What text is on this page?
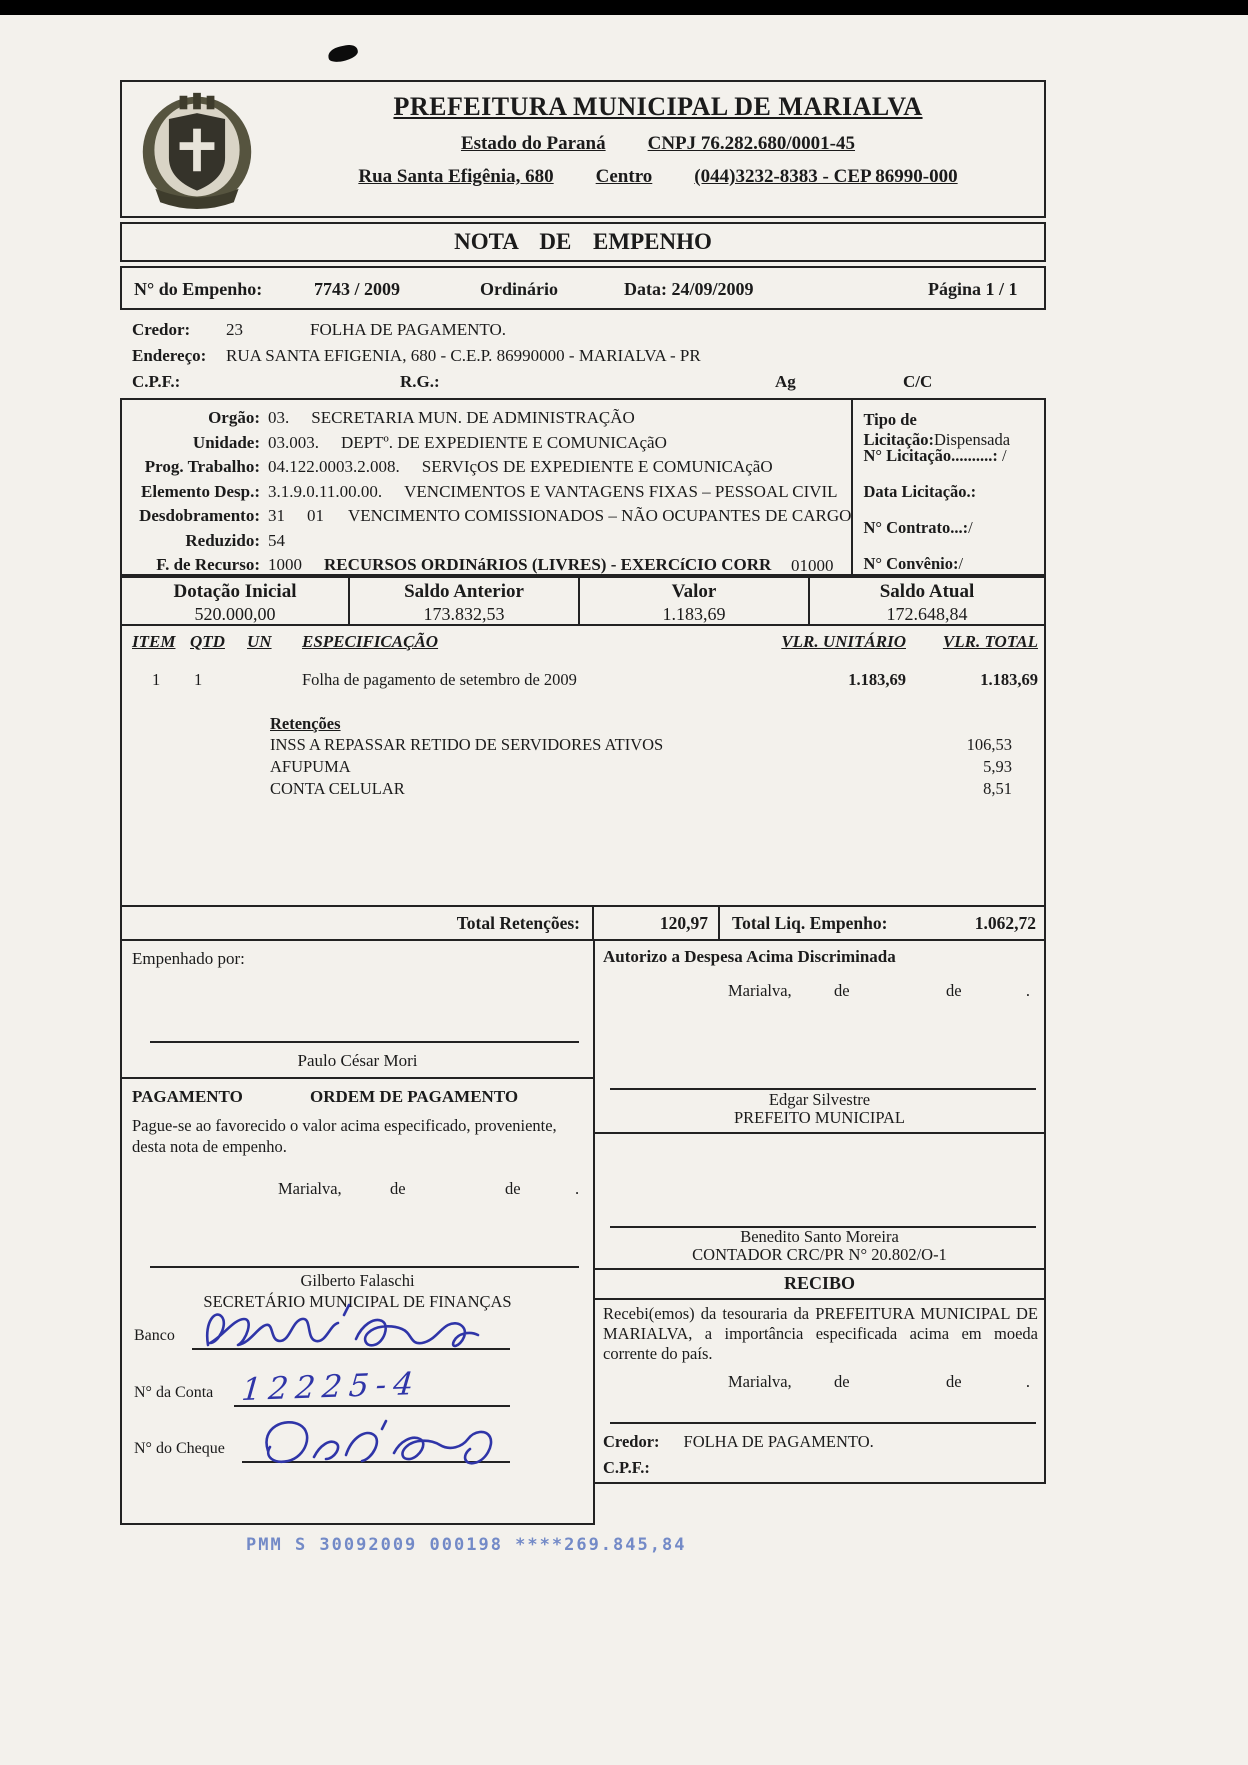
PREFEITURA MUNICIPAL DE MARIALVA
Estado do Paraná CNPJ 76.282.680/0001-45
Rua Santa Efigênia, 680 Centro (044)3232-8383 - CEP 86990-000
NOTA DE EMPENHO
N° do Empenho:	7743 / 2009	Ordinário	Data: 24/09/2009	Página 1 / 1
Credor: 23	FOLHA DE PAGAMENTO.
Endereço: RUA SANTA EFIGENIA, 680 - C.E.P. 86990000 - MARIALVA - PR
C.P.F.:	R.G.:	Ag	C/C
Orgão: 03. SECRETARIA MUN. DE ADMINISTRAÇÃO
Unidade: 03.003. DEPTº. DE EXPEDIENTE E COMUNICAçãO
Prog. Trabalho: 04.122.0003.2.008. SERVIçOS DE EXPEDIENTE E COMUNICAçãO
Elemento Desp.: 3.1.9.0.11.00.00. VENCIMENTOS E VANTAGENS FIXAS – PESSOAL CIVIL
Desdobramento: 31 01 VENCIMENTO COMISSIONADOS – NÃO OCUPANTES DE CARGO
Reduzido: 54
F. de Recurso: 1000 RECURSOS ORDINáRIOS (LIVRES) - EXERCíCIO CORR	01000
Tipo de Licitação:Dispensada
N° Licitação..........: /
Data Licitação.:
N° Contrato...:/
N° Convênio:/
Dotação Inicial
520.000,00
Saldo Anterior
173.832,53
Valor
1.183,69
Saldo Atual
172.648,84
ITEM QTD UN ESPECIFICAÇÃO	VLR. UNITÁRIO VLR. TOTAL
1 1	Folha de pagamento de setembro de 2009	1.183,69	1.183,69
Retenções
INSS A REPASSAR RETIDO DE SERVIDORES ATIVOS	106,53
AFUPUMA	5,93
CONTA CELULAR	8,51
Total Retenções:	120,97	Total Liq. Empenho:	1.062,72
Empenhado por:
Paulo César Mori
PAGAMENTO	ORDEM DE PAGAMENTO
Pague-se ao favorecido o valor acima especificado, proveniente, desta nota de empenho.
Marialva,	de	de	.
Gilberto Falaschi
SECRETÁRIO MUNICIPAL DE FINANÇAS
Banco
N° da Conta 12225-4
N° do Cheque
Autorizo a Despesa Acima Discriminada
Marialva,	de	de	.
Edgar Silvestre
PREFEITO MUNICIPAL
Benedito Santo Moreira
CONTADOR CRC/PR N° 20.802/O-1
RECIBO
Recebi(emos) da tesouraria da PREFEITURA MUNICIPAL DE MARIALVA, a importância especificada acima em moeda corrente do país.
Marialva,	de	de	.
Credor: FOLHA DE PAGAMENTO.
C.P.F.:
PMM S 30092009 000198 ****269.845,84
